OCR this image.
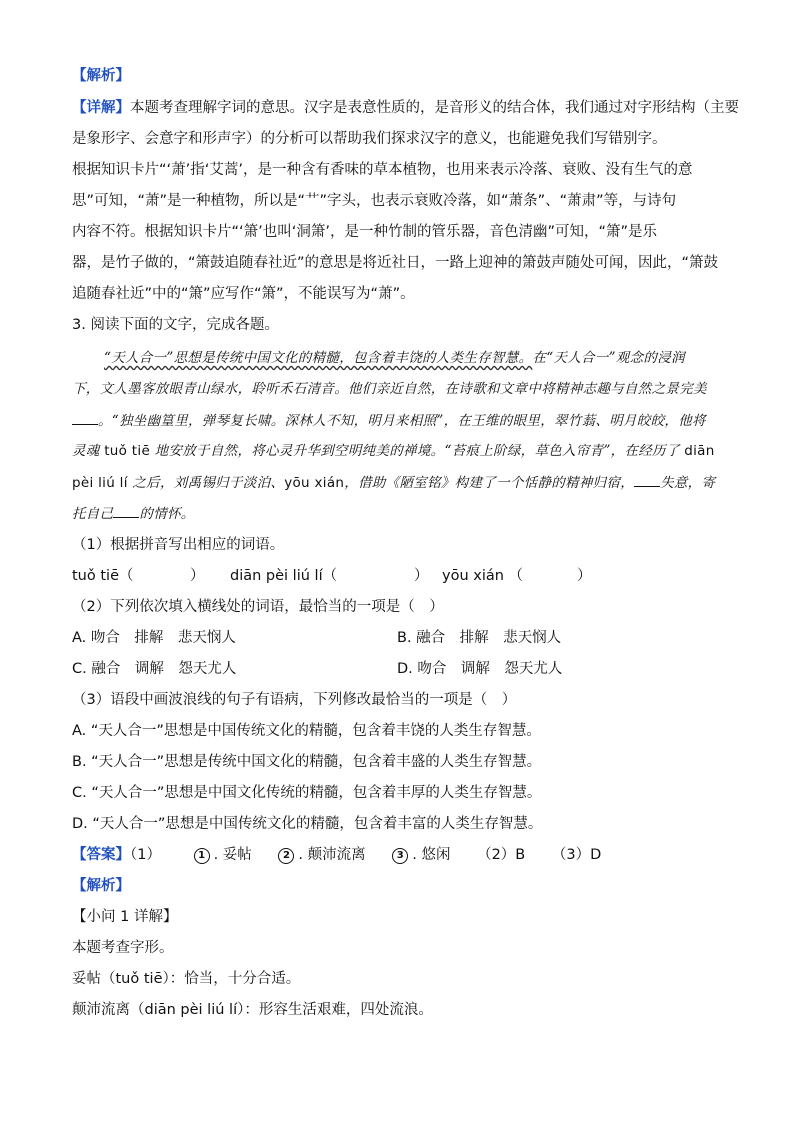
【解析】
【详解】本题考查理解字词的意思。汉字是表意性质的，是音形义的结合体，我们通过对字形结构（主要
是象形字、会意字和形声字）的分析可以帮助我们探求汉字的意义，也能避免我们写错别字。
根据知识卡片“‘萧’指‘艾蒿’，是一种含有香味的草本植物，也用来表示冷落、衰败、没有生气的意
思”可知，“萧”是一种植物，所以是“艹”字头，也表示衰败冷落，如“萧条”、“萧肃”等，与诗句
内容不符。根据知识卡片“‘箫’也叫‘洞箫’，是一种竹制的管乐器，音色清幽”可知，“箫”是乐
器，是竹子做的，“箫鼓追随春社近”的意思是将近社日，一路上迎神的箫鼓声随处可闻，因此，“箫鼓
追随春社近”中的“箫”应写作“箫”，不能误写为“萧”。
3. 阅读下面的文字，完成各题。
“天人合一”思想是传统中国文化的精髓，包含着丰饶的人类生存智慧。在“天人合一”观念的浸润
下，文人墨客放眼青山绿水，聆听禾石清音。他们亲近自然，在诗歌和文章中将精神志趣与自然之景完美
。“独坐幽篁里，弹琴复长啸。深林人不知，明月来相照”，在王维的眼里，翠竹蓊、明月皎皎，他将
灵魂 tuǒ tiē 地安放于自然，将心灵升华到空明纯美的禅境。“苔痕上阶绿，草色入帘青”，在经历了 diān
pèi liú lí 之后，刘禹锡归于淡泊、yōu xián，借助《陋室铭》构建了一个恬静的精神归宿， 失意，寄
托自己 的情怀。
（1）根据拼音写出相应的词语。
tuǒ tiē（	） diān pèi liú lí（	） yōu xián （	）
（2）下列依次填入横线处的词语，最恰当的一项是（　）
A. 吻合　排解　悲天悯人	B. 融合　排解　悲天悯人
C. 融合　调解　怨天尤人	D. 吻合　调解　怨天尤人
（3）语段中画波浪线的句子有语病，下列修改最恰当的一项是（　）
A. “天人合一”思想是中国传统文化的精髓，包含着丰饶的人类生存智慧。
B. “天人合一”思想是传统中国文化的精髓，包含着丰盛的人类生存智慧。
C. “天人合一”思想是中国文化传统的精髓，包含着丰厚的人类生存智慧。
D. “天人合一”思想是中国传统文化的精髓，包含着丰富的人类生存智慧。
【答案】（1）	1 . 妥帖	2 . 颠沛流离	3 . 悠闲 （2）B （3）D
【解析】
【小问 1 详解】
本题考查字形。
妥帖（tuǒ tiē）：恰当，十分合适。
颠沛流离（diān pèi liú lí）：形容生活艰难，四处流浪。
